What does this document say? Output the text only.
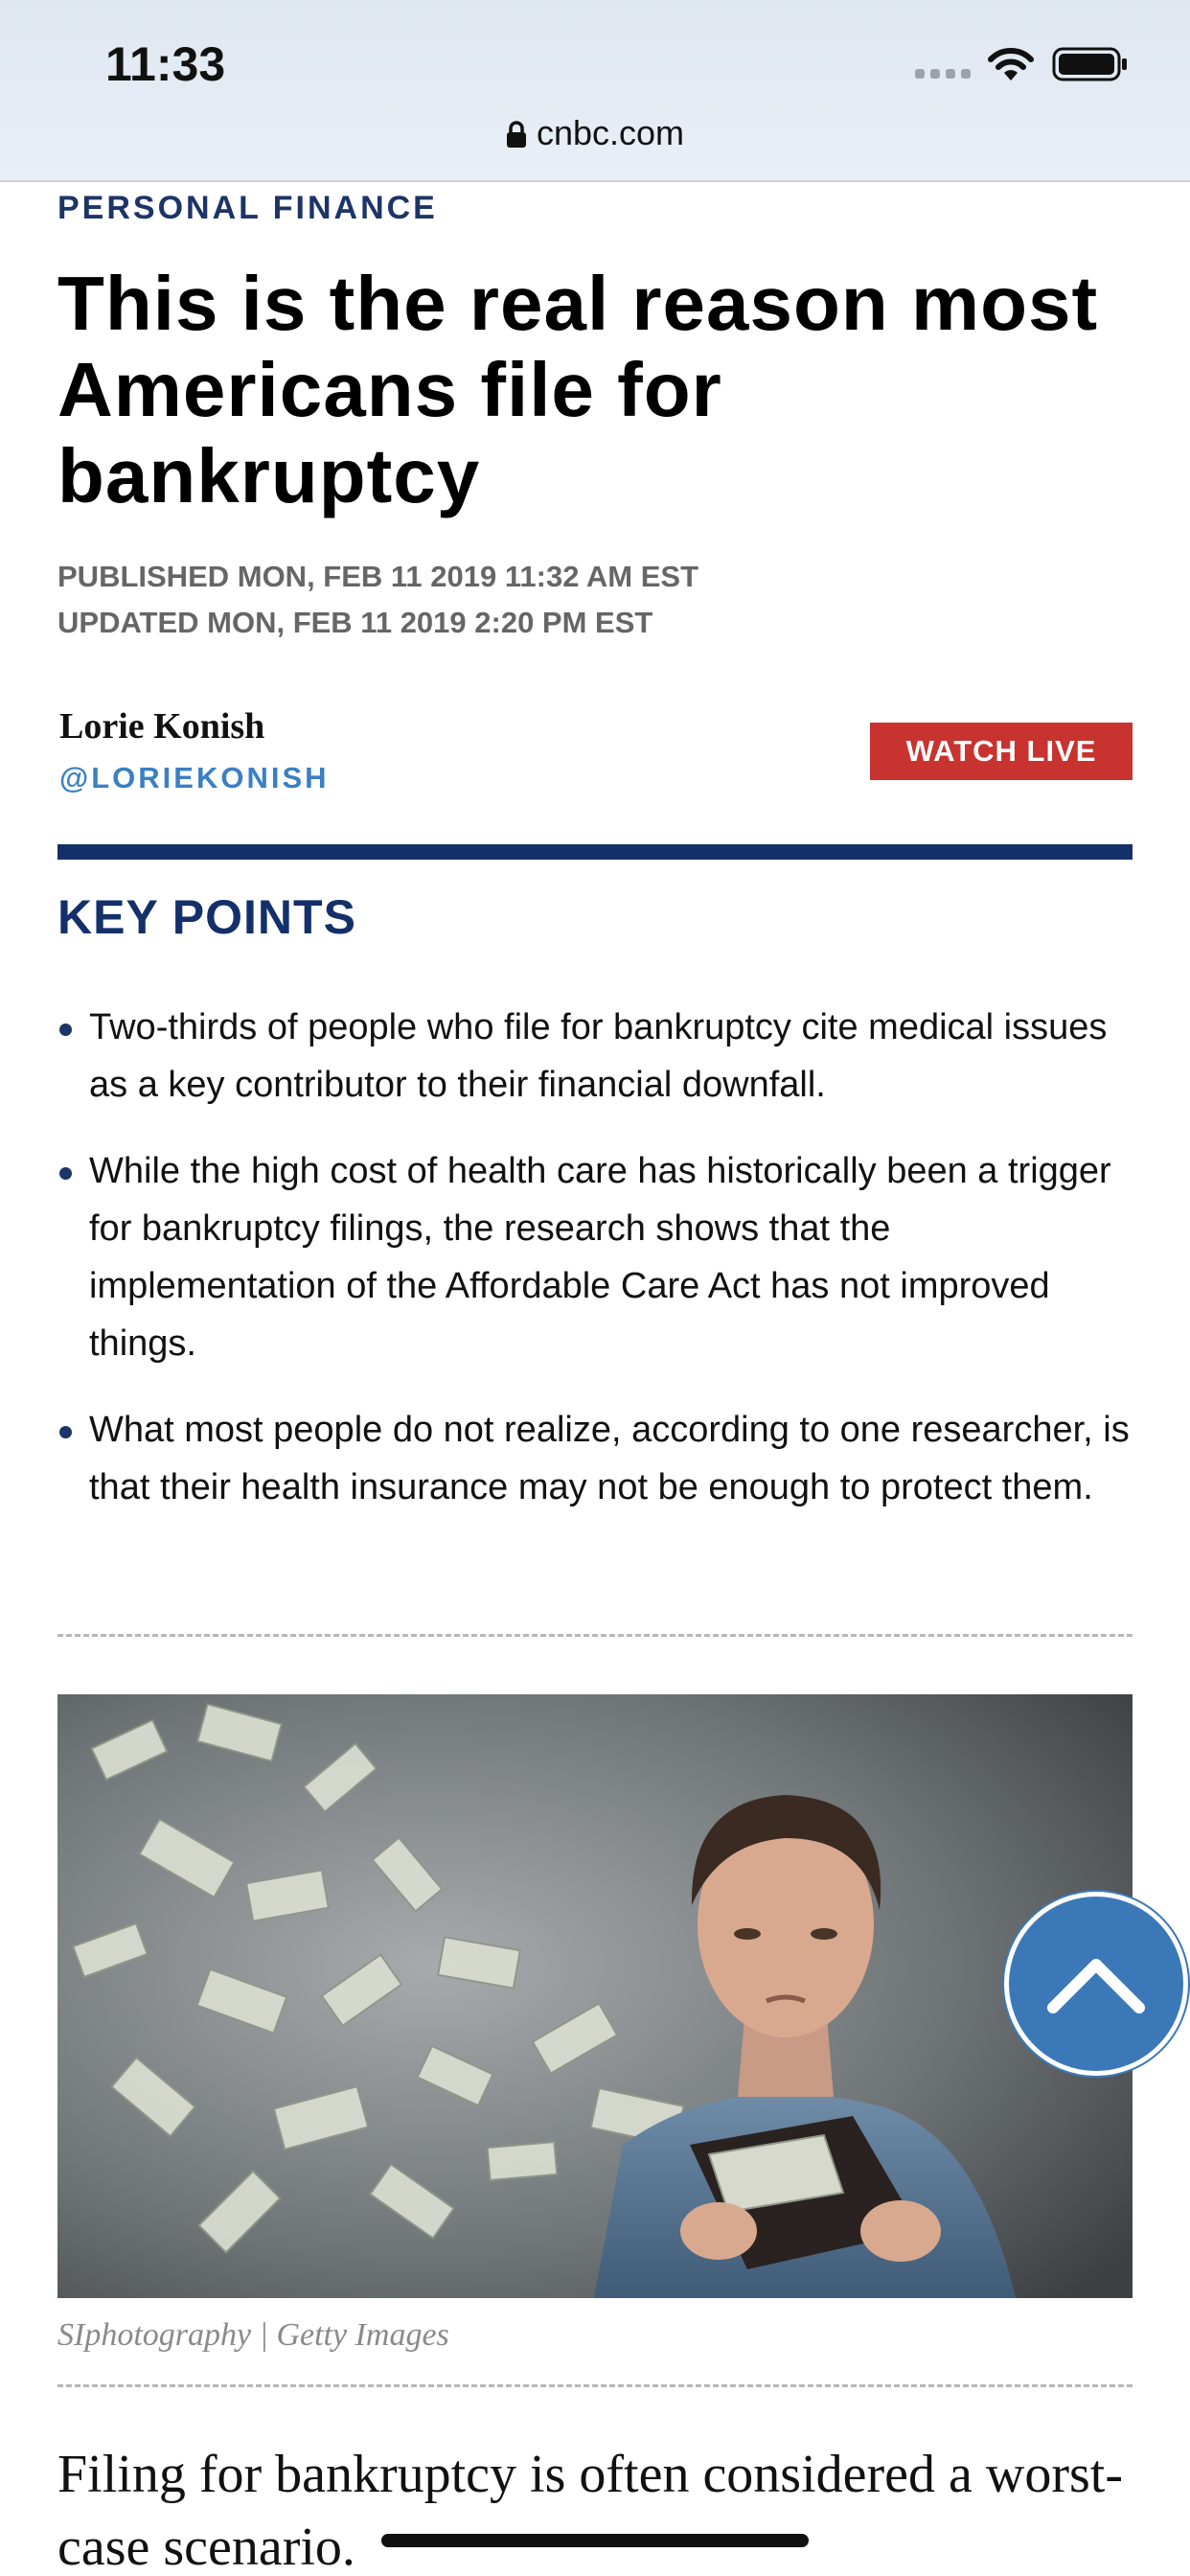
11:33
cnbc.com
PERSONAL FINANCE
This is the real reason most Americans file for bankruptcy
PUBLISHED MON, FEB 11 2019 11:32 AM EST
UPDATED MON, FEB 11 2019 2:20 PM EST
Lorie Konish
@LORIEKONISH
WATCH LIVE
KEY POINTS
Two-thirds of people who file for bankruptcy cite medical issues as a key contributor to their financial downfall.
While the high cost of health care has historically been a trigger for bankruptcy filings, the research shows that the implementation of the Affordable Care Act has not improved things.
What most people do not realize, according to one researcher, is that their health insurance may not be enough to protect them.
SIphotography | Getty Images

Filing for bankruptcy is often considered a worst-case scenario.
